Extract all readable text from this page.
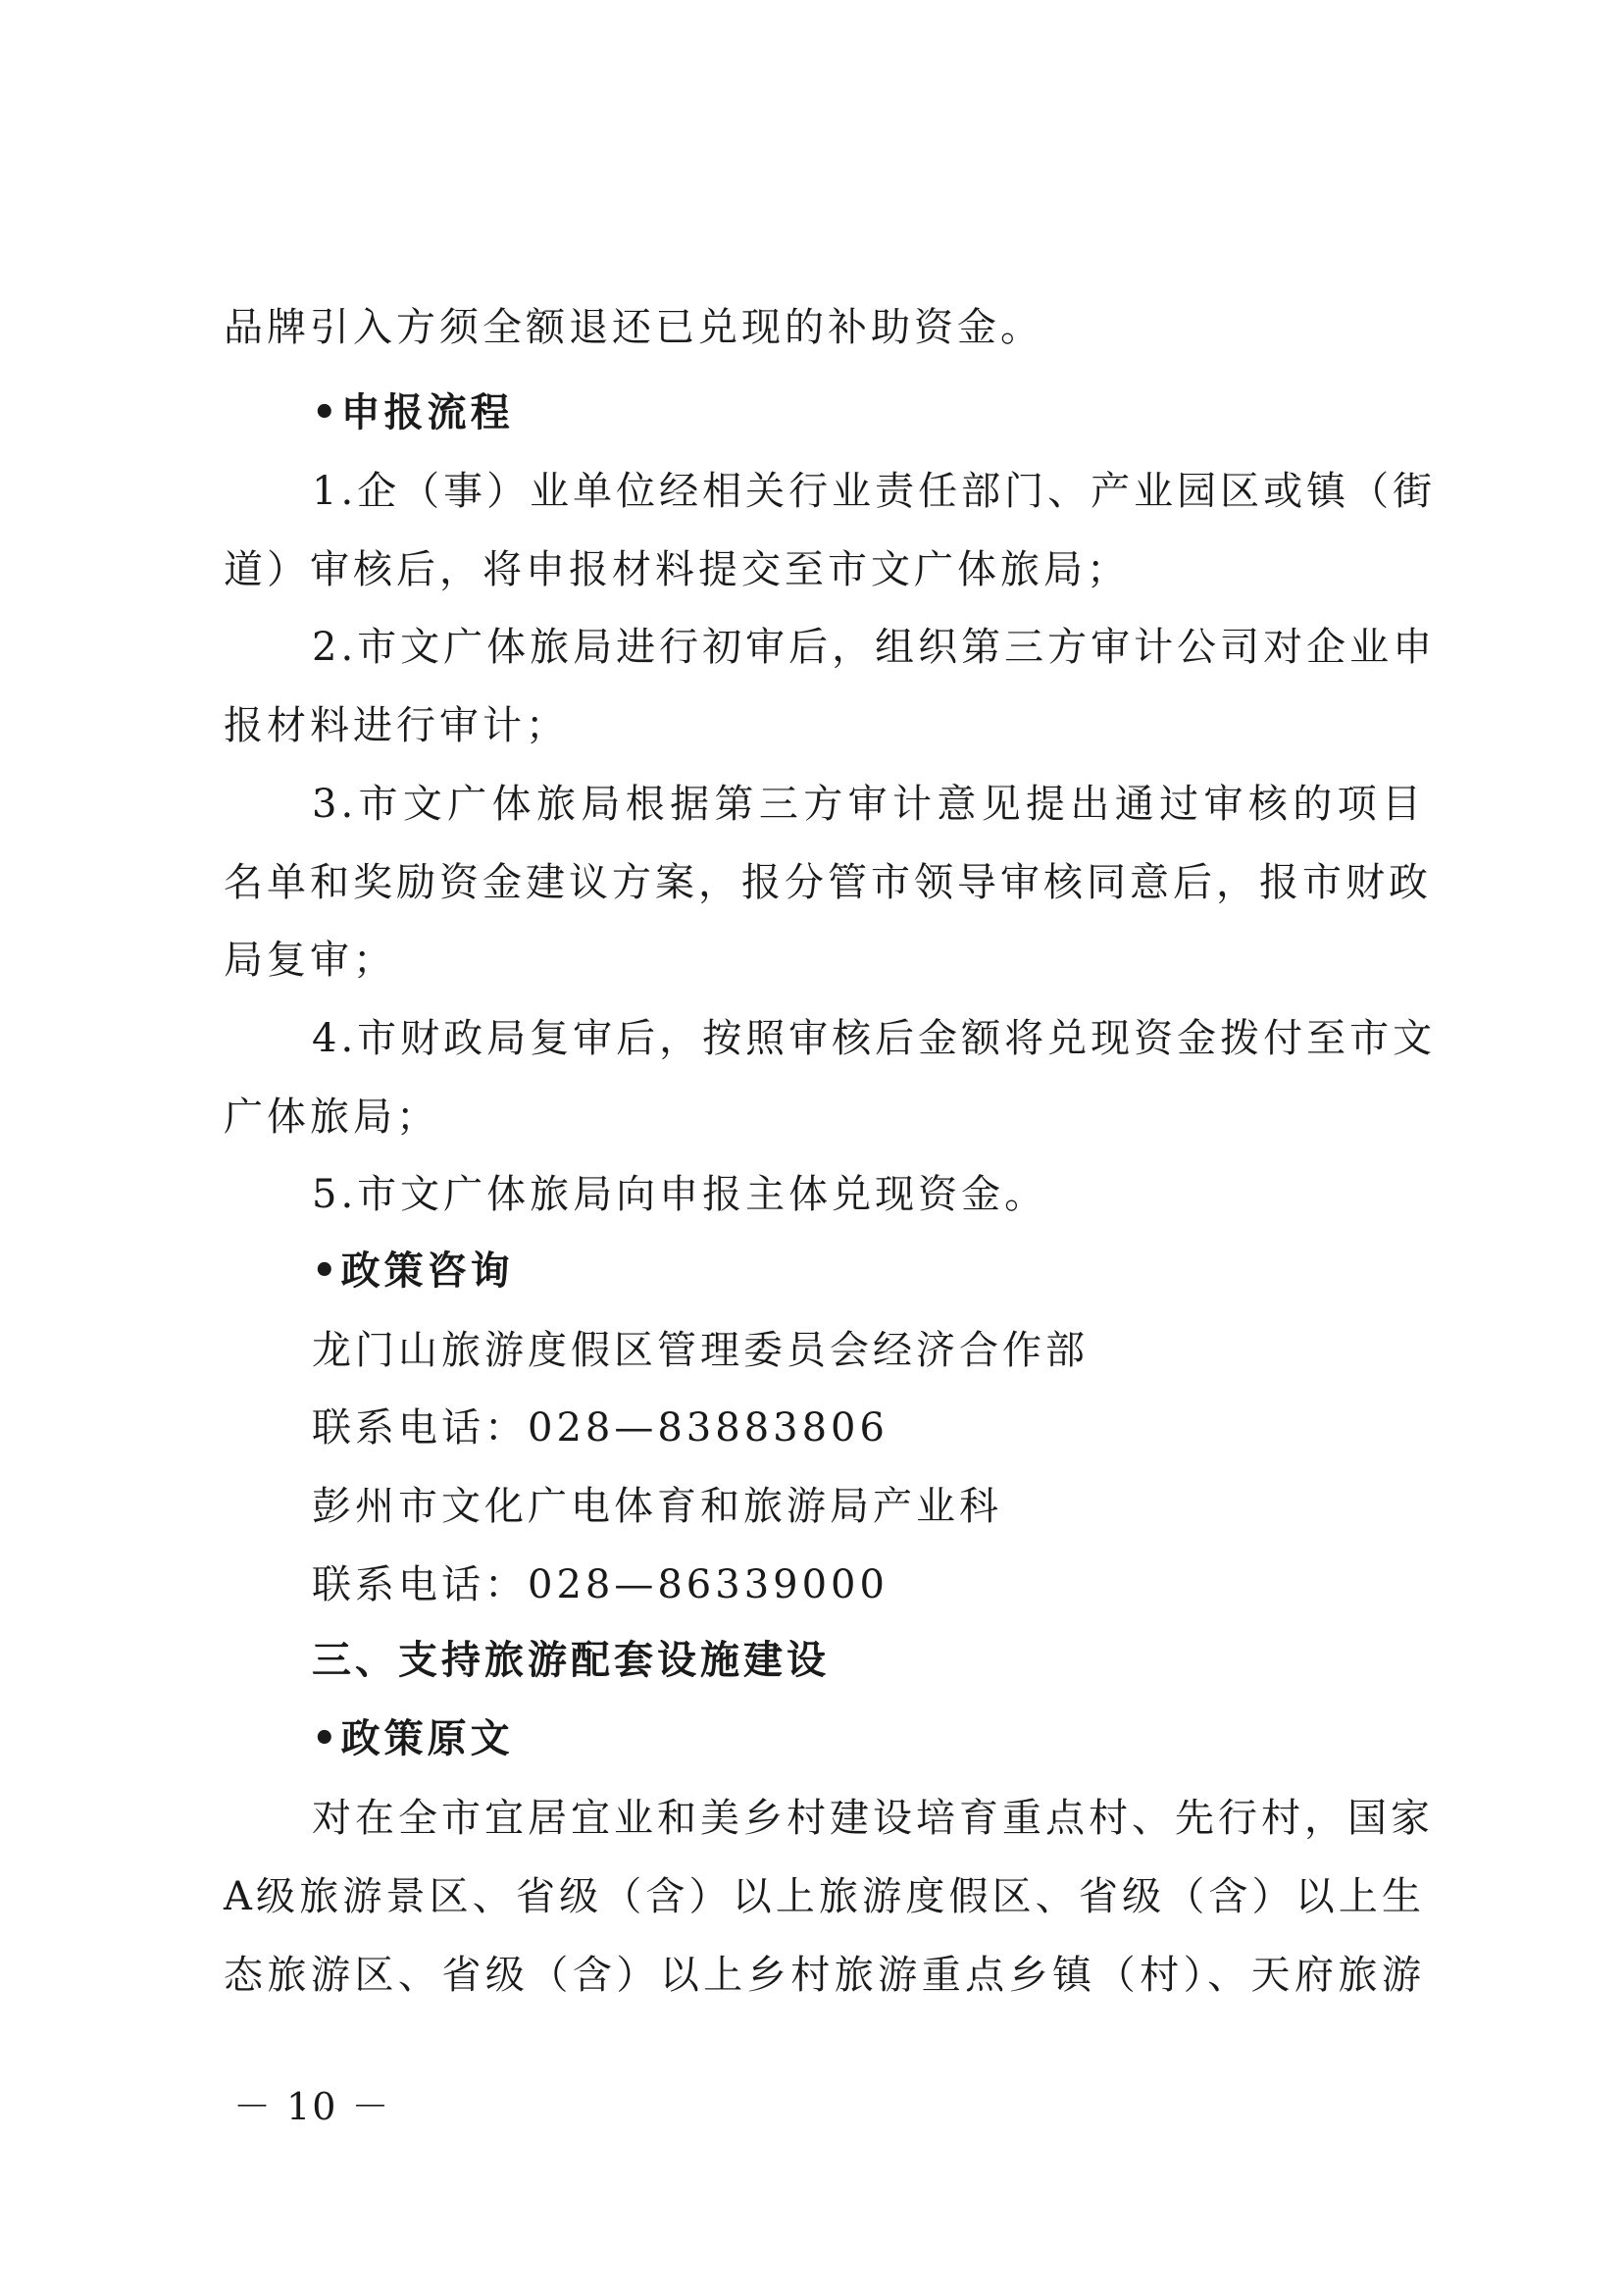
品牌引入方须全额退还已兑现的补助资金。
•申报流程
1.企（事）业单位经相关行业责任部门、产业园区或镇（街
道）审核后，将申报材料提交至市文广体旅局；
2.市文广体旅局进行初审后，组织第三方审计公司对企业申
报材料进行审计；
3.市文广体旅局根据第三方审计意见提出通过审核的项目
名单和奖励资金建议方案，报分管市领导审核同意后，报市财政
局复审；
4.市财政局复审后，按照审核后金额将兑现资金拨付至市文
广体旅局；
5.市文广体旅局向申报主体兑现资金。
•政策咨询
龙门山旅游度假区管理委员会经济合作部
联系电话：028—83883806
彭州市文化广电体育和旅游局产业科
联系电话：028—86339000
三、支持旅游配套设施建设
•政策原文
对在全市宜居宜业和美乡村建设培育重点村、先行村，国家
A级旅游景区、省级（含）以上旅游度假区、省级（含）以上生
态旅游区、省级（含）以上乡村旅游重点乡镇（村）、天府旅游
－ 10 －
